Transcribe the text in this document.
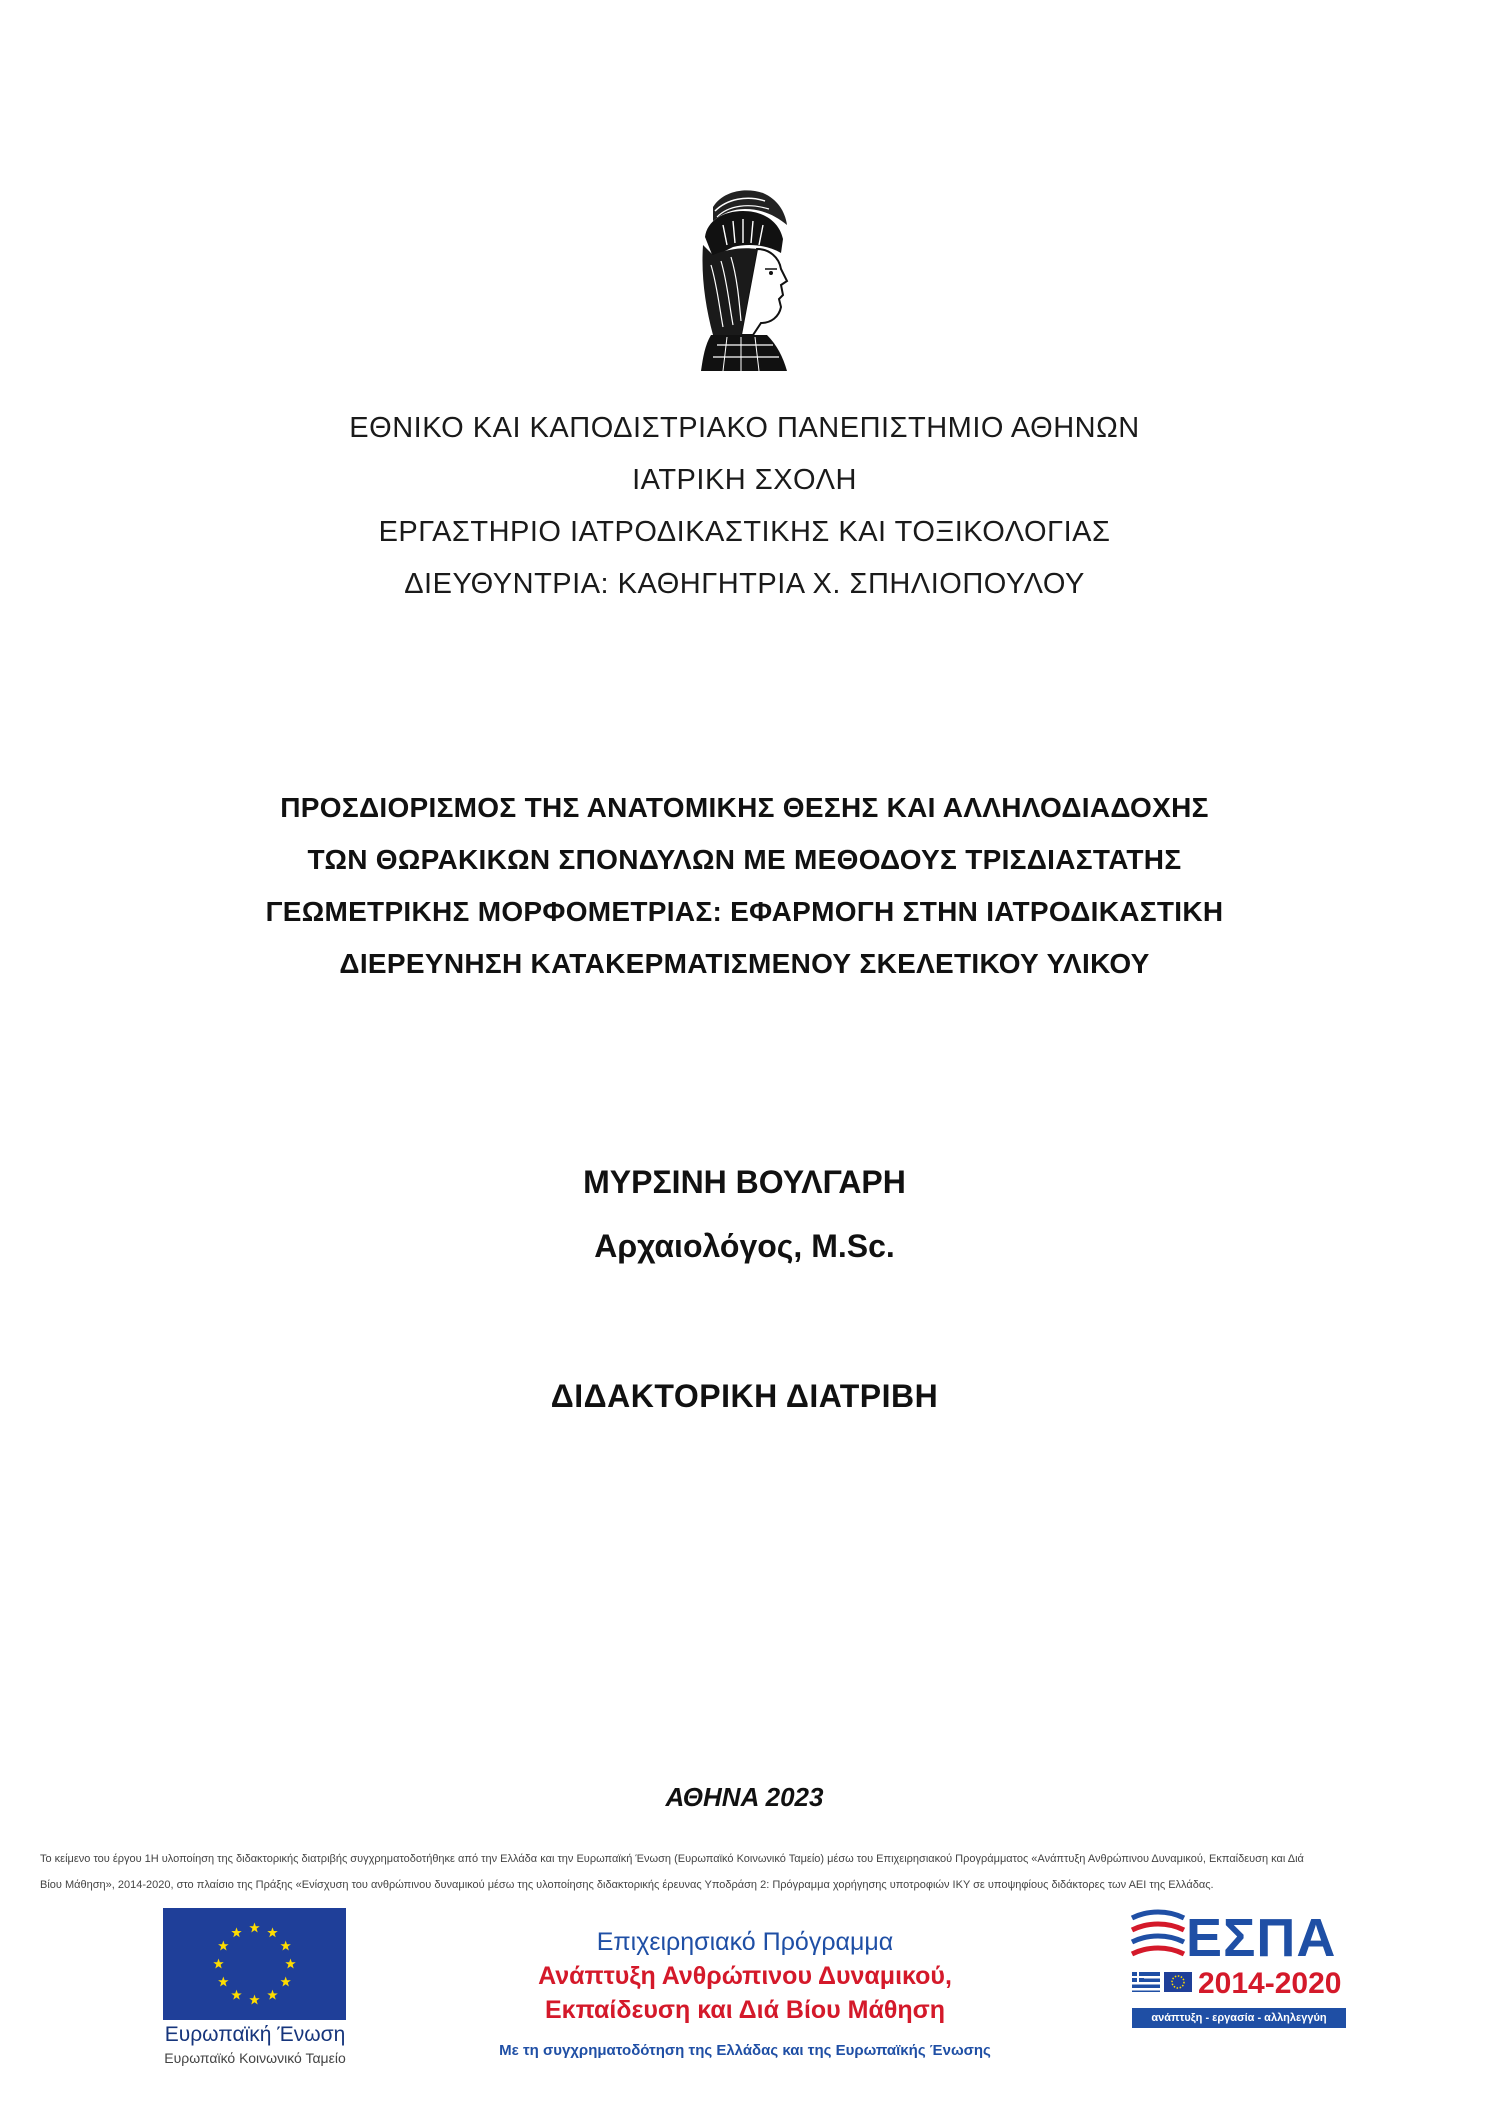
ΕΘΝΙΚΟ ΚΑΙ ΚΑΠΟΔΙΣΤΡΙΑΚΟ ΠΑΝΕΠΙΣΤΗΜΙΟ ΑΘΗΝΩΝ
ΙΑΤΡΙΚΗ ΣΧΟΛΗ
ΕΡΓΑΣΤΗΡΙΟ ΙΑΤΡΟΔΙΚΑΣΤΙΚΗΣ ΚΑΙ ΤΟΞΙΚΟΛΟΓΙΑΣ
ΔΙΕΥΘΥΝΤΡΙΑ: ΚΑΘΗΓΗΤΡΙΑ Χ. ΣΠΗΛΙΟΠΟΥΛΟΥ
ΠΡΟΣΔΙΟΡΙΣΜΟΣ ΤΗΣ ΑΝΑΤΟΜΙΚΗΣ ΘΕΣΗΣ ΚΑΙ ΑΛΛΗΛΟΔΙΑΔΟΧΗΣ
ΤΩΝ ΘΩΡΑΚΙΚΩΝ ΣΠΟΝΔΥΛΩΝ ΜΕ ΜΕΘΟΔΟΥΣ ΤΡΙΣΔΙΑΣΤΑΤΗΣ
ΓΕΩΜΕΤΡΙΚΗΣ ΜΟΡΦΟΜΕΤΡΙΑΣ: ΕΦΑΡΜΟΓΗ ΣΤΗΝ ΙΑΤΡΟΔΙΚΑΣΤΙΚΗ
ΔΙΕΡΕΥΝΗΣΗ ΚΑΤΑΚΕΡΜΑΤΙΣΜΕΝΟΥ ΣΚΕΛΕΤΙΚΟΥ ΥΛΙΚΟΥ
ΜΥΡΣΙΝΗ ΒΟΥΛΓΑΡΗ
Αρχαιολόγος, M.Sc.
ΔΙΔΑΚΤΟΡΙΚΗ ΔΙΑΤΡΙΒΗ
ΑΘΗΝΑ 2023
Το κείμενο του έργου 1Η υλοποίηση της διδακτορικής διατριβής συγχρηματοδοτήθηκε από την Ελλάδα και την Ευρωπαϊκή Ένωση (Ευρωπαϊκό Κοινωνικό Ταμείο) μέσω του Επιχειρησιακού Προγράμματος «Ανάπτυξη Ανθρώπινου Δυναμικού, Εκπαίδευση και Διά
Βίου Μάθηση», 2014-2020, στο πλαίσιο της Πράξης «Ενίσχυση του ανθρώπινου δυναμικού μέσω της υλοποίησης διδακτορικής έρευνας Υποδράση 2: Πρόγραμμα χορήγησης υποτροφιών ΙΚΥ σε υποψηφίους διδάκτορες των ΑΕΙ της Ελλάδας.
Ευρωπαϊκή Ένωση
Ευρωπαϊκό Κοινωνικό Ταμείο
Επιχειρησιακό Πρόγραμμα
Ανάπτυξη Ανθρώπινου Δυναμικού,
Εκπαίδευση και Διά Βίου Μάθηση
Με τη συγχρηματοδότηση της Ελλάδας και της Ευρωπαϊκής Ένωσης
ΕΣΠΑ
2014-2020
ανάπτυξη - εργασία - αλληλεγγύη
